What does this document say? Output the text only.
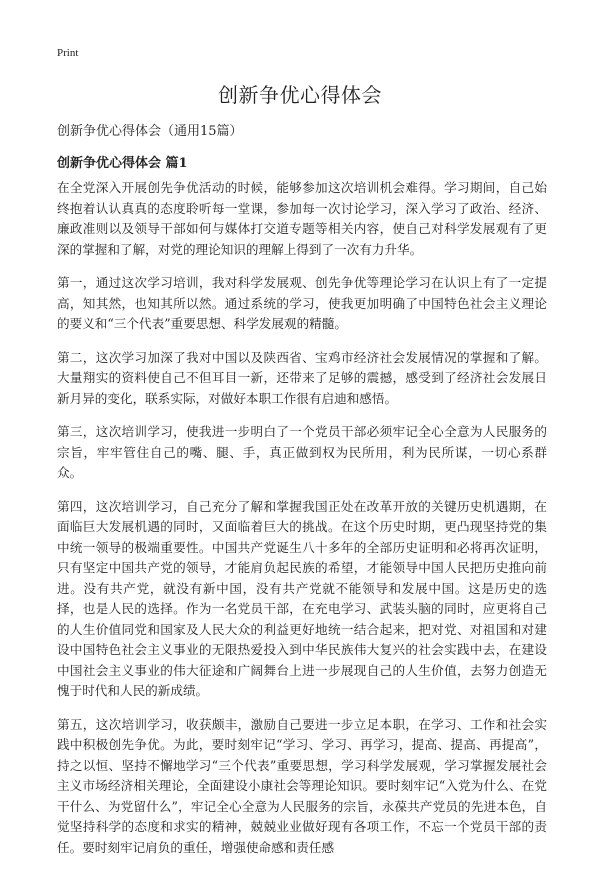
Print
创新争优心得体会

创新争优心得体会（通用15篇）

创新争优心得体会 篇1

在全党深入开展创先争优活动的时候，能够参加这次培训机会难得。学习期间，自己始终抱着认认真真的态度聆听每一堂课，参加每一次讨论学习，深入学习了政治、经济、廉政准则以及领导干部如何与媒体打交道专题等相关内容，使自己对科学发展观有了更深的掌握和了解，对党的理论知识的理解上得到了一次有力升华。

第一，通过这次学习培训，我对科学发展观、创先争优等理论学习在认识上有了一定提高，知其然，也知其所以然。通过系统的学习，使我更加明确了中国特色社会主义理论的要义和“三个代表”重要思想、科学发展观的精髓。

第二，这次学习加深了我对中国以及陕西省、宝鸡市经济社会发展情况的掌握和了解。大量翔实的资料使自己不但耳目一新，还带来了足够的震撼，感受到了经济社会发展日新月异的变化，联系实际，对做好本职工作很有启迪和感悟。

第三，这次培训学习，使我进一步明白了一个党员干部必须牢记全心全意为人民服务的宗旨，牢牢管住自己的嘴、腿、手，真正做到权为民所用，利为民所谋，一切心系群众。

第四，这次培训学习，自己充分了解和掌握我国正处在改革开放的关键历史机遇期，在面临巨大发展机遇的同时，又面临着巨大的挑战。在这个历史时期，更凸现坚持党的集中统一领导的极端重要性。中国共产党诞生八十多年的全部历史证明和必将再次证明，只有坚定中国共产党的领导，才能肩负起民族的希望，才能领导中国人民把历史推向前进。没有共产党，就没有新中国，没有共产党就不能领导和发展中国。这是历史的选择，也是人民的选择。作为一名党员干部，在充电学习、武装头脑的同时，应更将自己的人生价值同党和国家及人民大众的利益更好地统一结合起来，把对党、对祖国和对建设中国特色社会主义事业的无限热爱投入到中华民族伟大复兴的社会实践中去，在建设中国社会主义事业的伟大征途和广阔舞台上进一步展现自己的人生价值，去努力创造无愧于时代和人民的新成绩。

第五，这次培训学习，收获颇丰，激励自己要进一步立足本职，在学习、工作和社会实践中积极创先争优。为此，要时刻牢记“学习、学习、再学习，提高、提高、再提高”，持之以恒、坚持不懈地学习“三个代表”重要思想，学习科学发展观，学习掌握发展社会主义市场经济相关理论，全面建设小康社会等理论知识。要时刻牢记“入党为什么、在党干什么、为党留什么”，牢记全心全意为人民服务的宗旨，永葆共产党员的先进本色，自觉坚持科学的态度和求实的精神，兢兢业业做好现有各项工作，不忘一个党员干部的责任。要时刻牢记肩负的重任，增强使命感和责任感
